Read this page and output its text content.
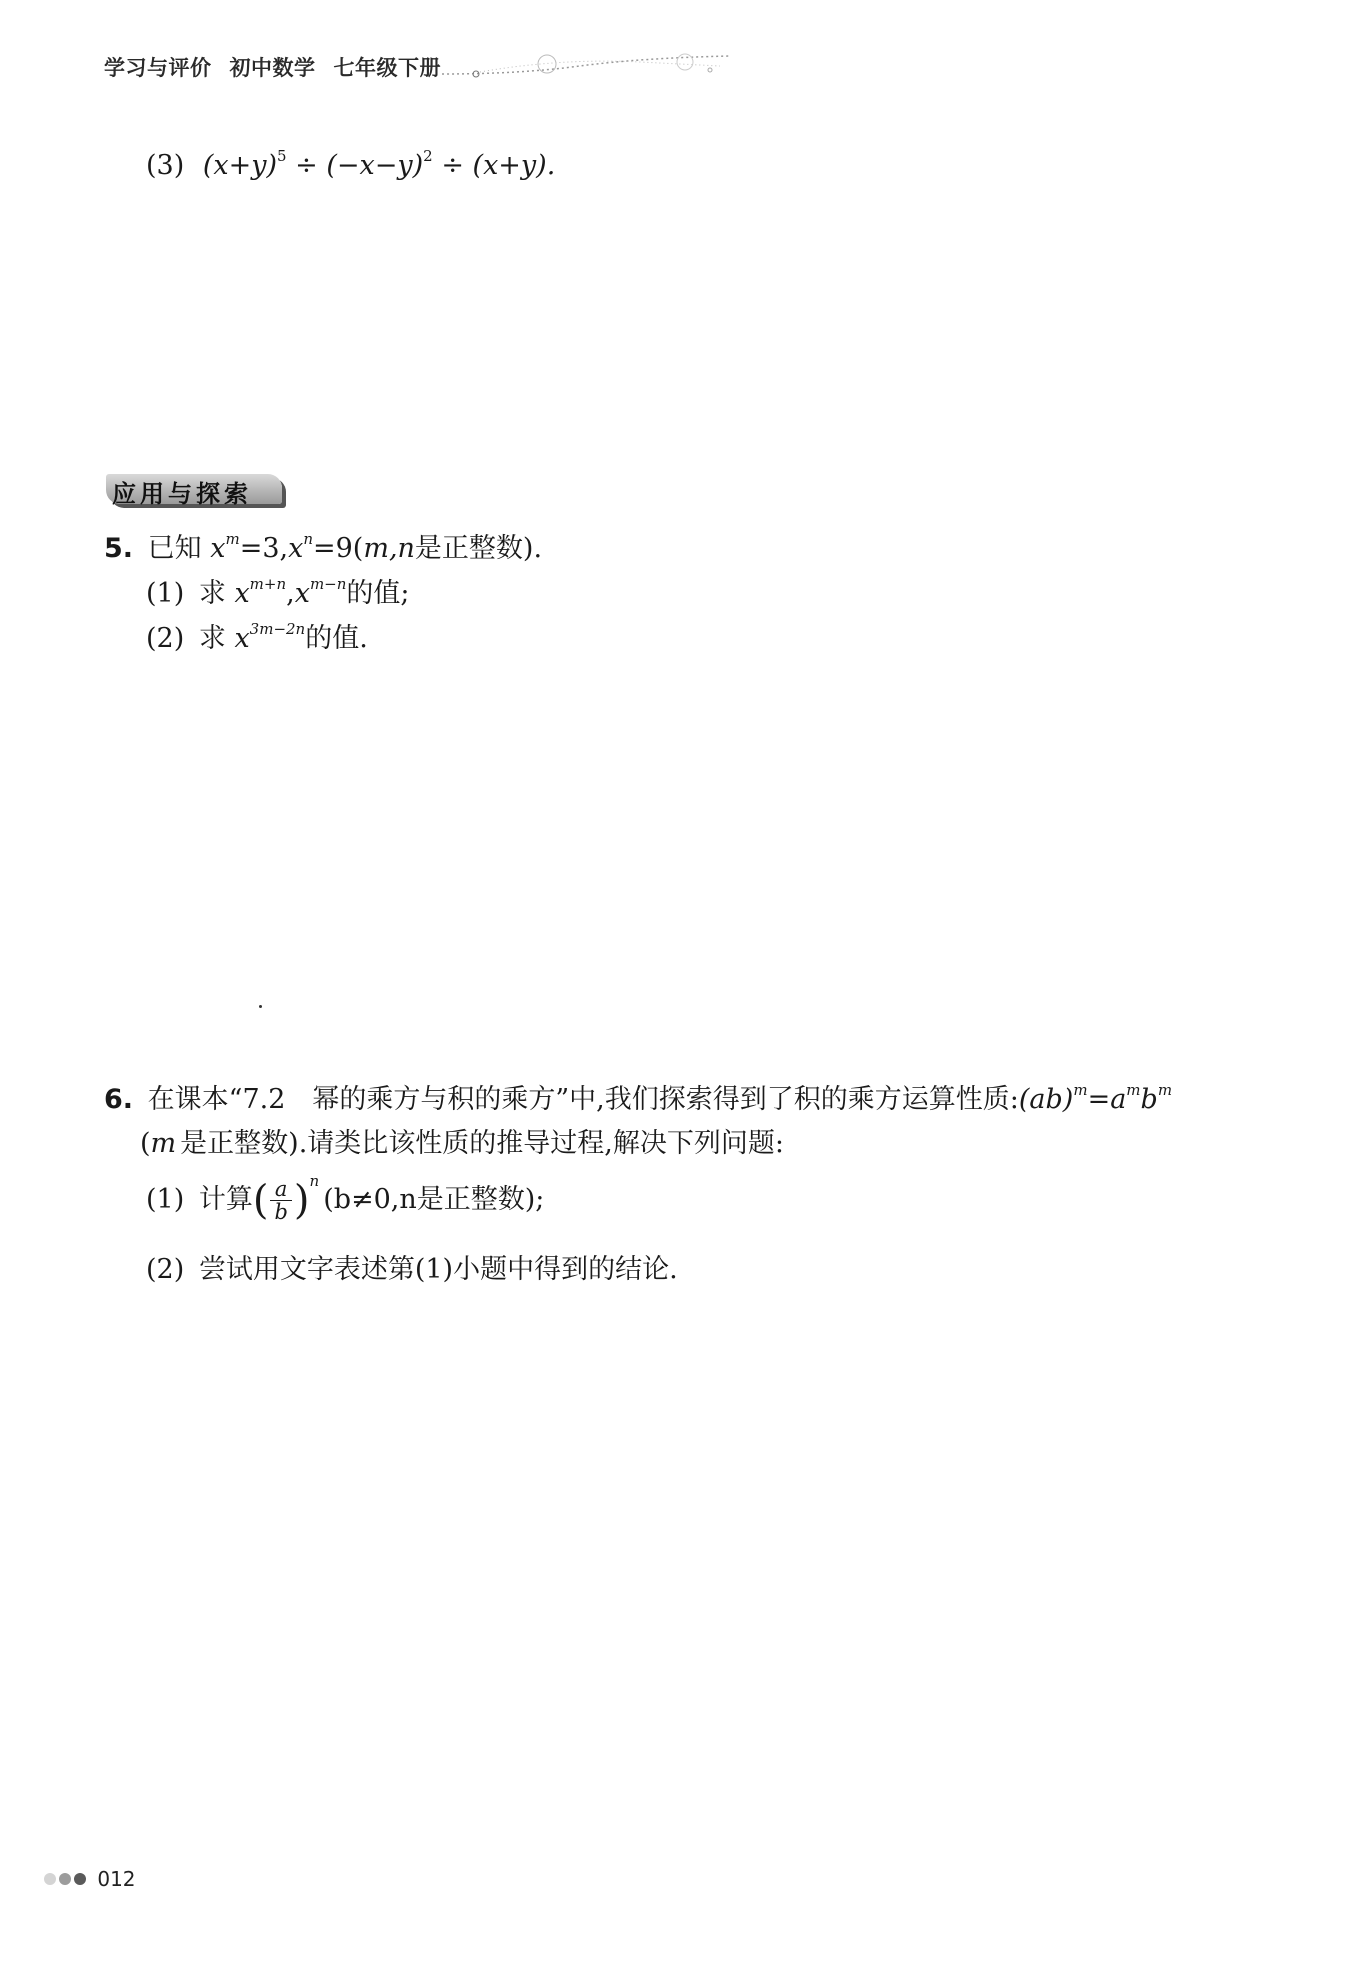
学习与评价 初中数学 七年级下册
(3) $(x+y)^5 \div (-x-y)^2 \div (x+y)$.
应用与探索
5. 已知 $x^m=3,x^n=9(m,n$是正整数).
(1) 求 $x^{m+n},x^{m-n}$的值;
(2) 求 $x^{3m-2n}$的值.
6. 在课本“7.2　幂的乘方与积的乘方”中,我们探索得到了积的乘方运算性质$:(ab)^m=a^mb^m$
(m 是正整数).请类比该性质的推导过程,解决下列问题:
(1) 计算( $\frac{a}{b} )^n(b\ne 0,n$是正整数);
(2) 尝试用文字表述第(1)小题中得到的结论.
012
